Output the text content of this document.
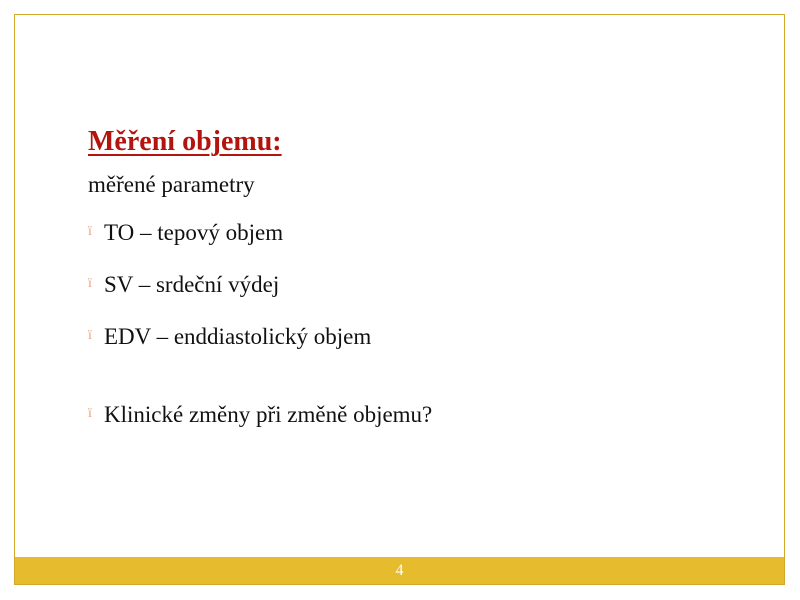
Měření objemu:
měřené parametry
ï TO – tepový objem
ï SV – srdeční výdej
ï EDV – enddiastolický objem
ï Klinické změny při změně objemu?
4
